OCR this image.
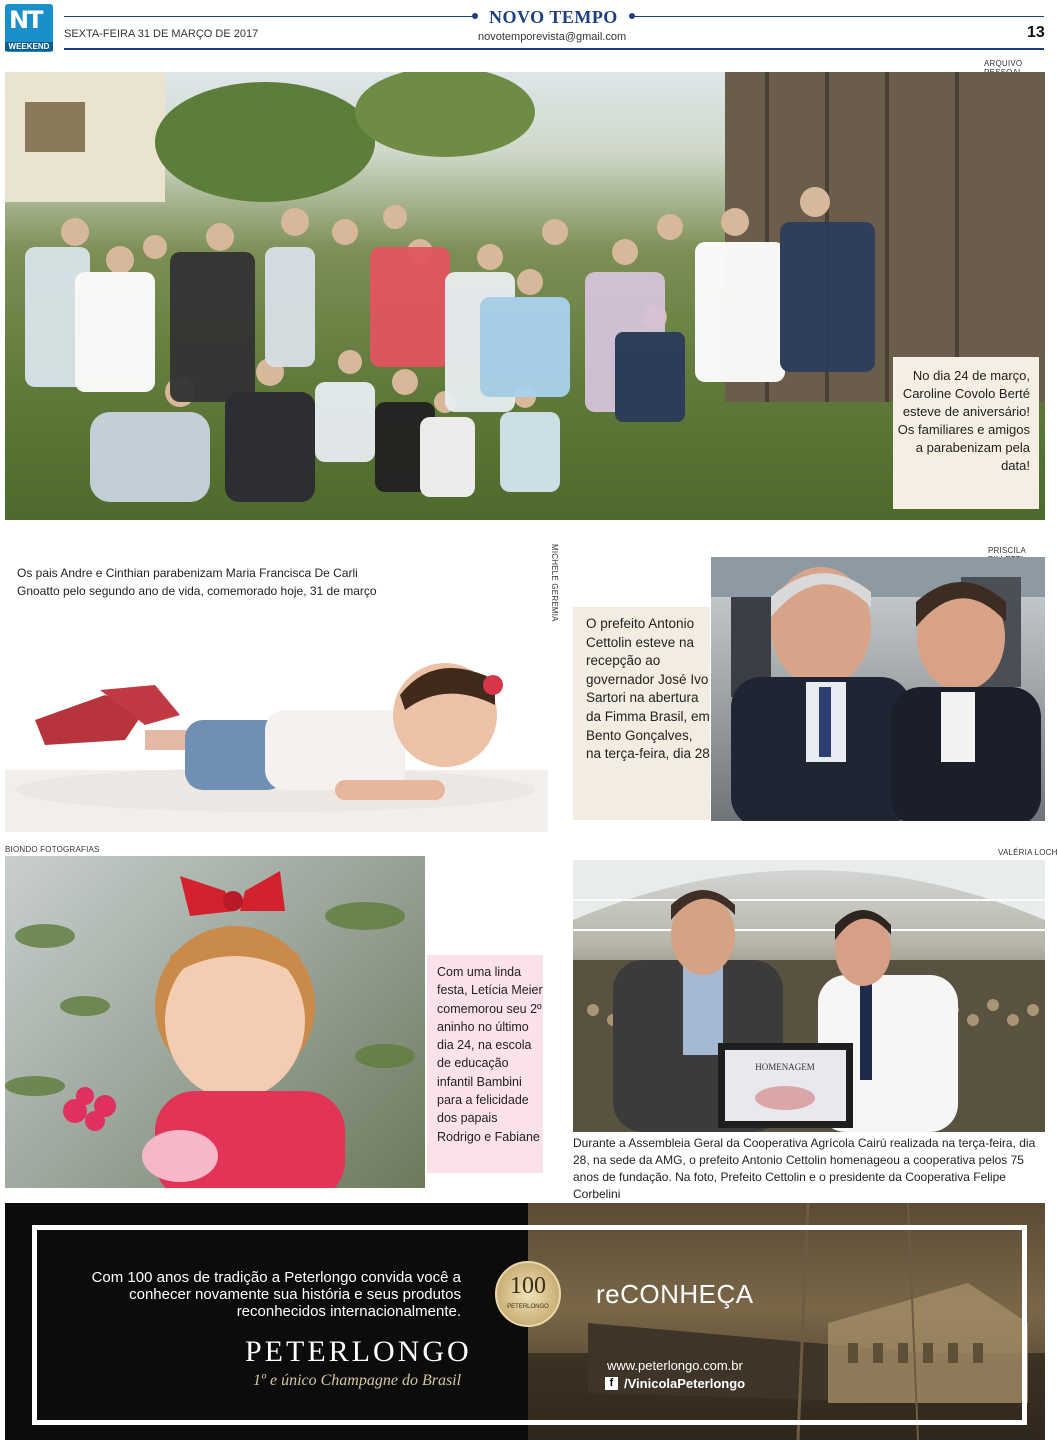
NT
WEEKEND
SEXTA-FEIRA 31 DE MARÇO DE 2017
NOVO TEMPO
novotemporevista@gmail.com	13
ARQUIVO
No dia 24 de março, Caroline Covolo Berté esteve de aniversário! Os familiares e amigos a parabenizam pela data!
Os pais Andre e Cinthian parabenizam Maria Francisca De Carli Gnoatto pelo segundo ano de vida, comemorado hoje, 31 de março	MICHELE GEREMIA	PRISCILA
O prefeito Antonio Cettolin esteve na recepção ao governador José Ivo Sartori na abertura da Fimma Brasil, em Bento Gonçalves, na terça-feira, dia 28
BIONDO FOTOGRAFIAS
Com uma linda festa, Letícia Meier comemorou seu 2º aninho no último dia 24, na escola de educação infantil Bambini para a felicidade dos papais Rodrigo e Fabiane
VALÉRIA LOCH
HOMENAGEM
Durante a Assembleia Geral da Cooperativa Agrícola Cairú realizada na terça-feira, dia 28, na sede da AMG, o prefeito Antonio Cettolin homenageou a cooperativa pelos 75 anos de fundação. Na foto, Prefeito Cettolin e o presidente da Cooperativa Felipe Corbelini
Com 100 anos de tradição a Peterlongo convida você a conhecer novamente sua história e seus produtos reconhecidos internacionalmente.
PETERLONGO
1º e único Champagne do Brasil
100
PETERLONGO	reCONHEÇA
www.peterlongo.com.br
f /VinicolaPeterlongo
